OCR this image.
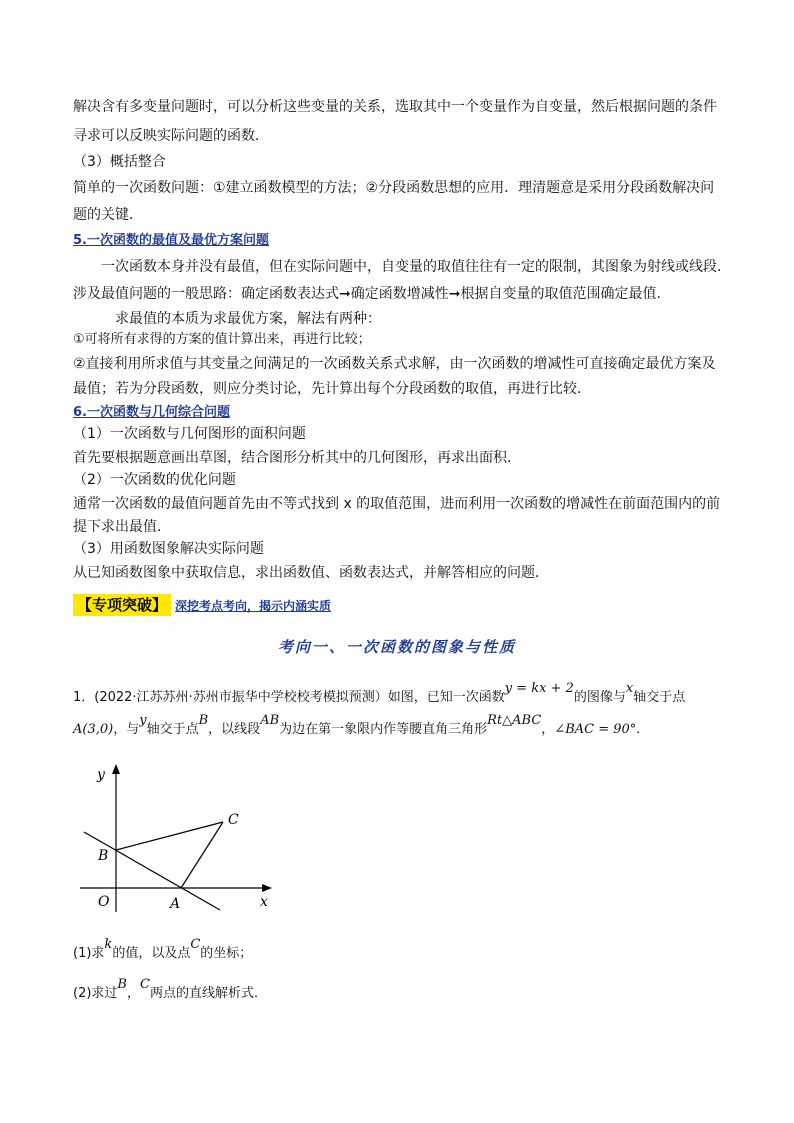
解决含有多变量问题时，可以分析这些变量的关系，选取其中一个变量作为自变量，然后根据问题的条件
寻求可以反映实际问题的函数．
（3）概括整合
简单的一次函数问题：①建立函数模型的方法；②分段函数思想的应用．理清题意是采用分段函数解决问
题的关键．
5.一次函数的最值及最优方案问题
　　一次函数本身并没有最值，但在实际问题中，自变量的取值往往有一定的限制，其图象为射线或线段.
涉及最值问题的一般思路：确定函数表达式➞确定函数增减性➞根据自变量的取值范围确定最值.
　　　求最值的本质为求最优方案，解法有两种：
①可将所有求得的方案的值计算出来，再进行比较；
②直接利用所求值与其变量之间满足的一次函数关系式求解，由一次函数的增减性可直接确定最优方案及
最值；若为分段函数，则应分类讨论，先计算出每个分段函数的取值，再进行比较．
6.一次函数与几何综合问题
（1）一次函数与几何图形的面积问题
首先要根据题意画出草图，结合图形分析其中的几何图形，再求出面积．
（2）一次函数的优化问题
通常一次函数的最值问题首先由不等式找到 x 的取值范围，进而利用一次函数的增减性在前面范围内的前
提下求出最值．
（3）用函数图象解决实际问题
从已知函数图象中获取信息，求出函数值、函数表达式，并解答相应的问题．
【专项突破】 深挖考点考向，揭示内涵实质
考向一、一次函数的图象与性质
1．(2022·江苏苏州·苏州市振华中学校校考模拟预测）如图，已知一次函数y = kx + 2的图像与x轴交于点
A(3,0)，与y轴交于点B，以线段AB为边在第一象限内作等腰直角三角形Rt△ABC，∠BAC = 90°．
y
x
O	A
B
C
(1)求k的值，以及点C的坐标；
(2)求过B，C两点的直线解析式．
